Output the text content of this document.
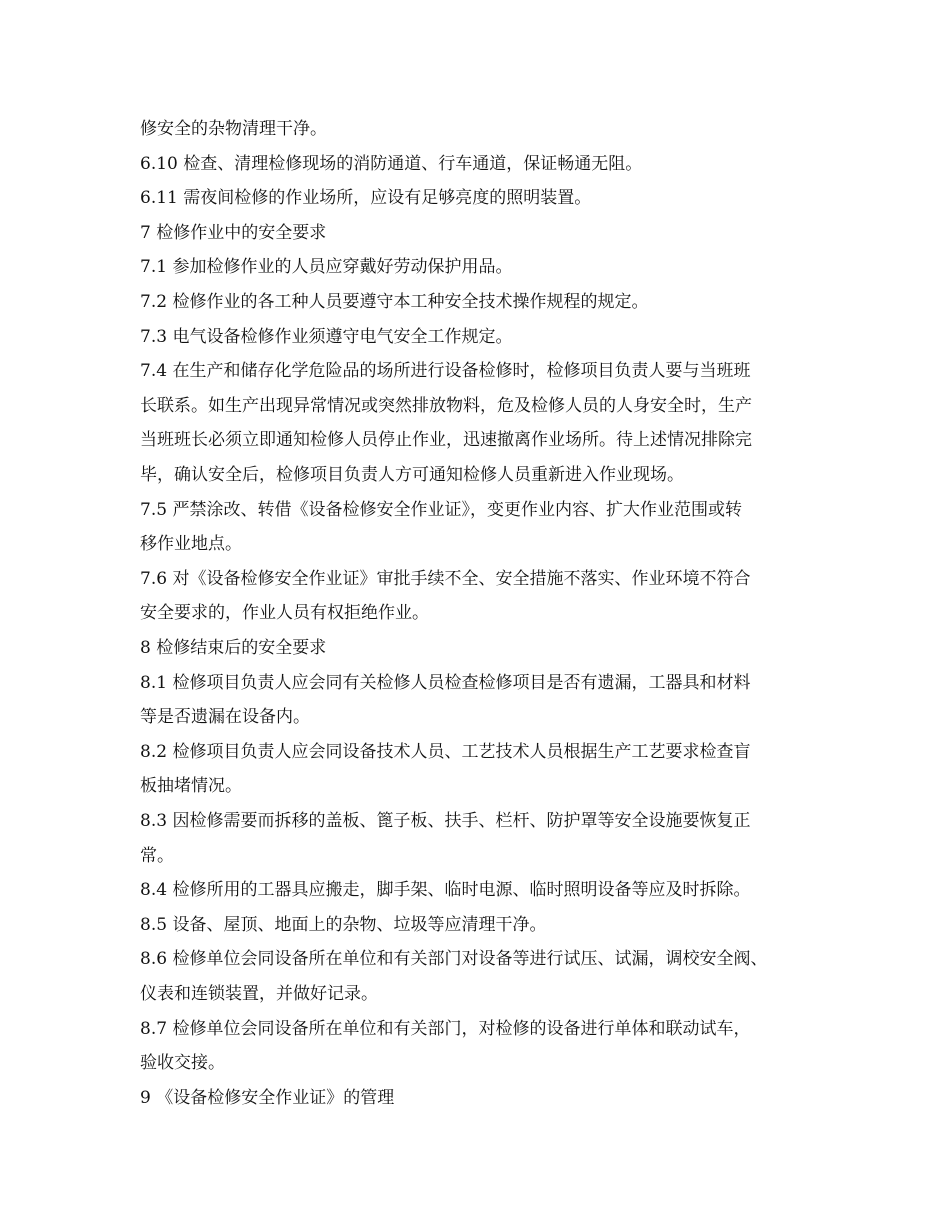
修安全的杂物清理干净。
6.10 检查、清理检修现场的消防通道、行车通道，保证畅通无阻。
6.11 需夜间检修的作业场所，应设有足够亮度的照明装置。
7 检修作业中的安全要求
7.1 参加检修作业的人员应穿戴好劳动保护用品。
7.2 检修作业的各工种人员要遵守本工种安全技术操作规程的规定。
7.3 电气设备检修作业须遵守电气安全工作规定。
7.4 在生产和储存化学危险品的场所进行设备检修时，检修项目负责人要与当班班
长联系。如生产出现异常情况或突然排放物料，危及检修人员的人身安全时，生产
当班班长必须立即通知检修人员停止作业，迅速撤离作业场所。待上述情况排除完
毕，确认安全后，检修项目负责人方可通知检修人员重新进入作业现场。
7.5 严禁涂改、转借《设备检修安全作业证》，变更作业内容、扩大作业范围或转
移作业地点。
7.6 对《设备检修安全作业证》审批手续不全、安全措施不落实、作业环境不符合
安全要求的，作业人员有权拒绝作业。
8 检修结束后的安全要求
8.1 检修项目负责人应会同有关检修人员检查检修项目是否有遗漏，工器具和材料
等是否遗漏在设备内。
8.2 检修项目负责人应会同设备技术人员、工艺技术人员根据生产工艺要求检查盲
板抽堵情况。
8.3 因检修需要而拆移的盖板、篦子板、扶手、栏杆、防护罩等安全设施要恢复正
常。
8.4 检修所用的工器具应搬走，脚手架、临时电源、临时照明设备等应及时拆除。
8.5 设备、屋顶、地面上的杂物、垃圾等应清理干净。
8.6 检修单位会同设备所在单位和有关部门对设备等进行试压、试漏，调校安全阀、
仪表和连锁装置，并做好记录。
8.7 检修单位会同设备所在单位和有关部门，对检修的设备进行单体和联动试车，
验收交接。
9 《设备检修安全作业证》的管理
